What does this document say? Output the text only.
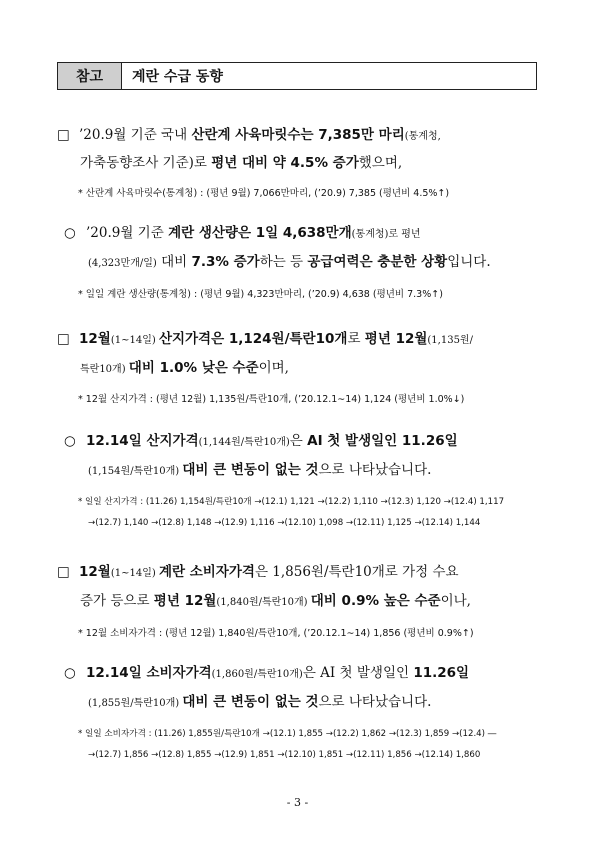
참고	계란 수급 동향
□ ’20.9월 기준 국내 산란계 사육마릿수는 7,385만 마리(통계청,
가축동향조사 기준)로 평년 대비 약 4.5% 증가했으며,
* 산란계 사육마릿수(통계청) : (평년 9월) 7,066만마리, (’20.9) 7,385 (평년비 4.5%↑)
○ ’20.9월 기준 계란 생산량은 1일 4,638만개(통계청)로 평년
(4,323만개/일) 대비 7.3% 증가하는 등 공급여력은 충분한 상황입니다.
* 일일 계란 생산량(통계청) : (평년 9월) 4,323만마리, (’20.9) 4,638 (평년비 7.3%↑)
□ 12월(1~14일) 산지가격은 1,124원/특란10개로 평년 12월(1,135원/
특란10개) 대비 1.0% 낮은 수준이며,
* 12월 산지가격 : (평년 12월) 1,135원/특란10개, (’20.12.1∼14) 1,124 (평년비 1.0%↓)
○ 12.14일 산지가격(1,144원/특란10개)은 AI 첫 발생일인 11.26일
(1,154원/특란10개) 대비 큰 변동이 없는 것으로 나타났습니다.
* 일일 산지가격 : (11.26) 1,154원/특란10개 →(12.1) 1,121 →(12.2) 1,110 →(12.3) 1,120 →(12.4) 1,117
→(12.7) 1,140 →(12.8) 1,148 →(12.9) 1,116 →(12.10) 1,098 →(12.11) 1,125 →(12.14) 1,144
□ 12월(1~14일) 계란 소비자가격은 1,856원/특란10개로 가정 수요
증가 등으로 평년 12월(1,840원/특란10개) 대비 0.9% 높은 수준이나,
* 12월 소비자가격 : (평년 12월) 1,840원/특란10개, (’20.12.1∼14) 1,856 (평년비 0.9%↑)
○ 12.14일 소비자가격(1,860원/특란10개)은 AI 첫 발생일인 11.26일
(1,855원/특란10개) 대비 큰 변동이 없는 것으로 나타났습니다.
* 일일 소비자가격 : (11.26) 1,855원/특란10개 →(12.1) 1,855 →(12.2) 1,862 →(12.3) 1,859 →(12.4) ―
→(12.7) 1,856 →(12.8) 1,855 →(12.9) 1,851 →(12.10) 1,851 →(12.11) 1,856 →(12.14) 1,860
- 3 -
